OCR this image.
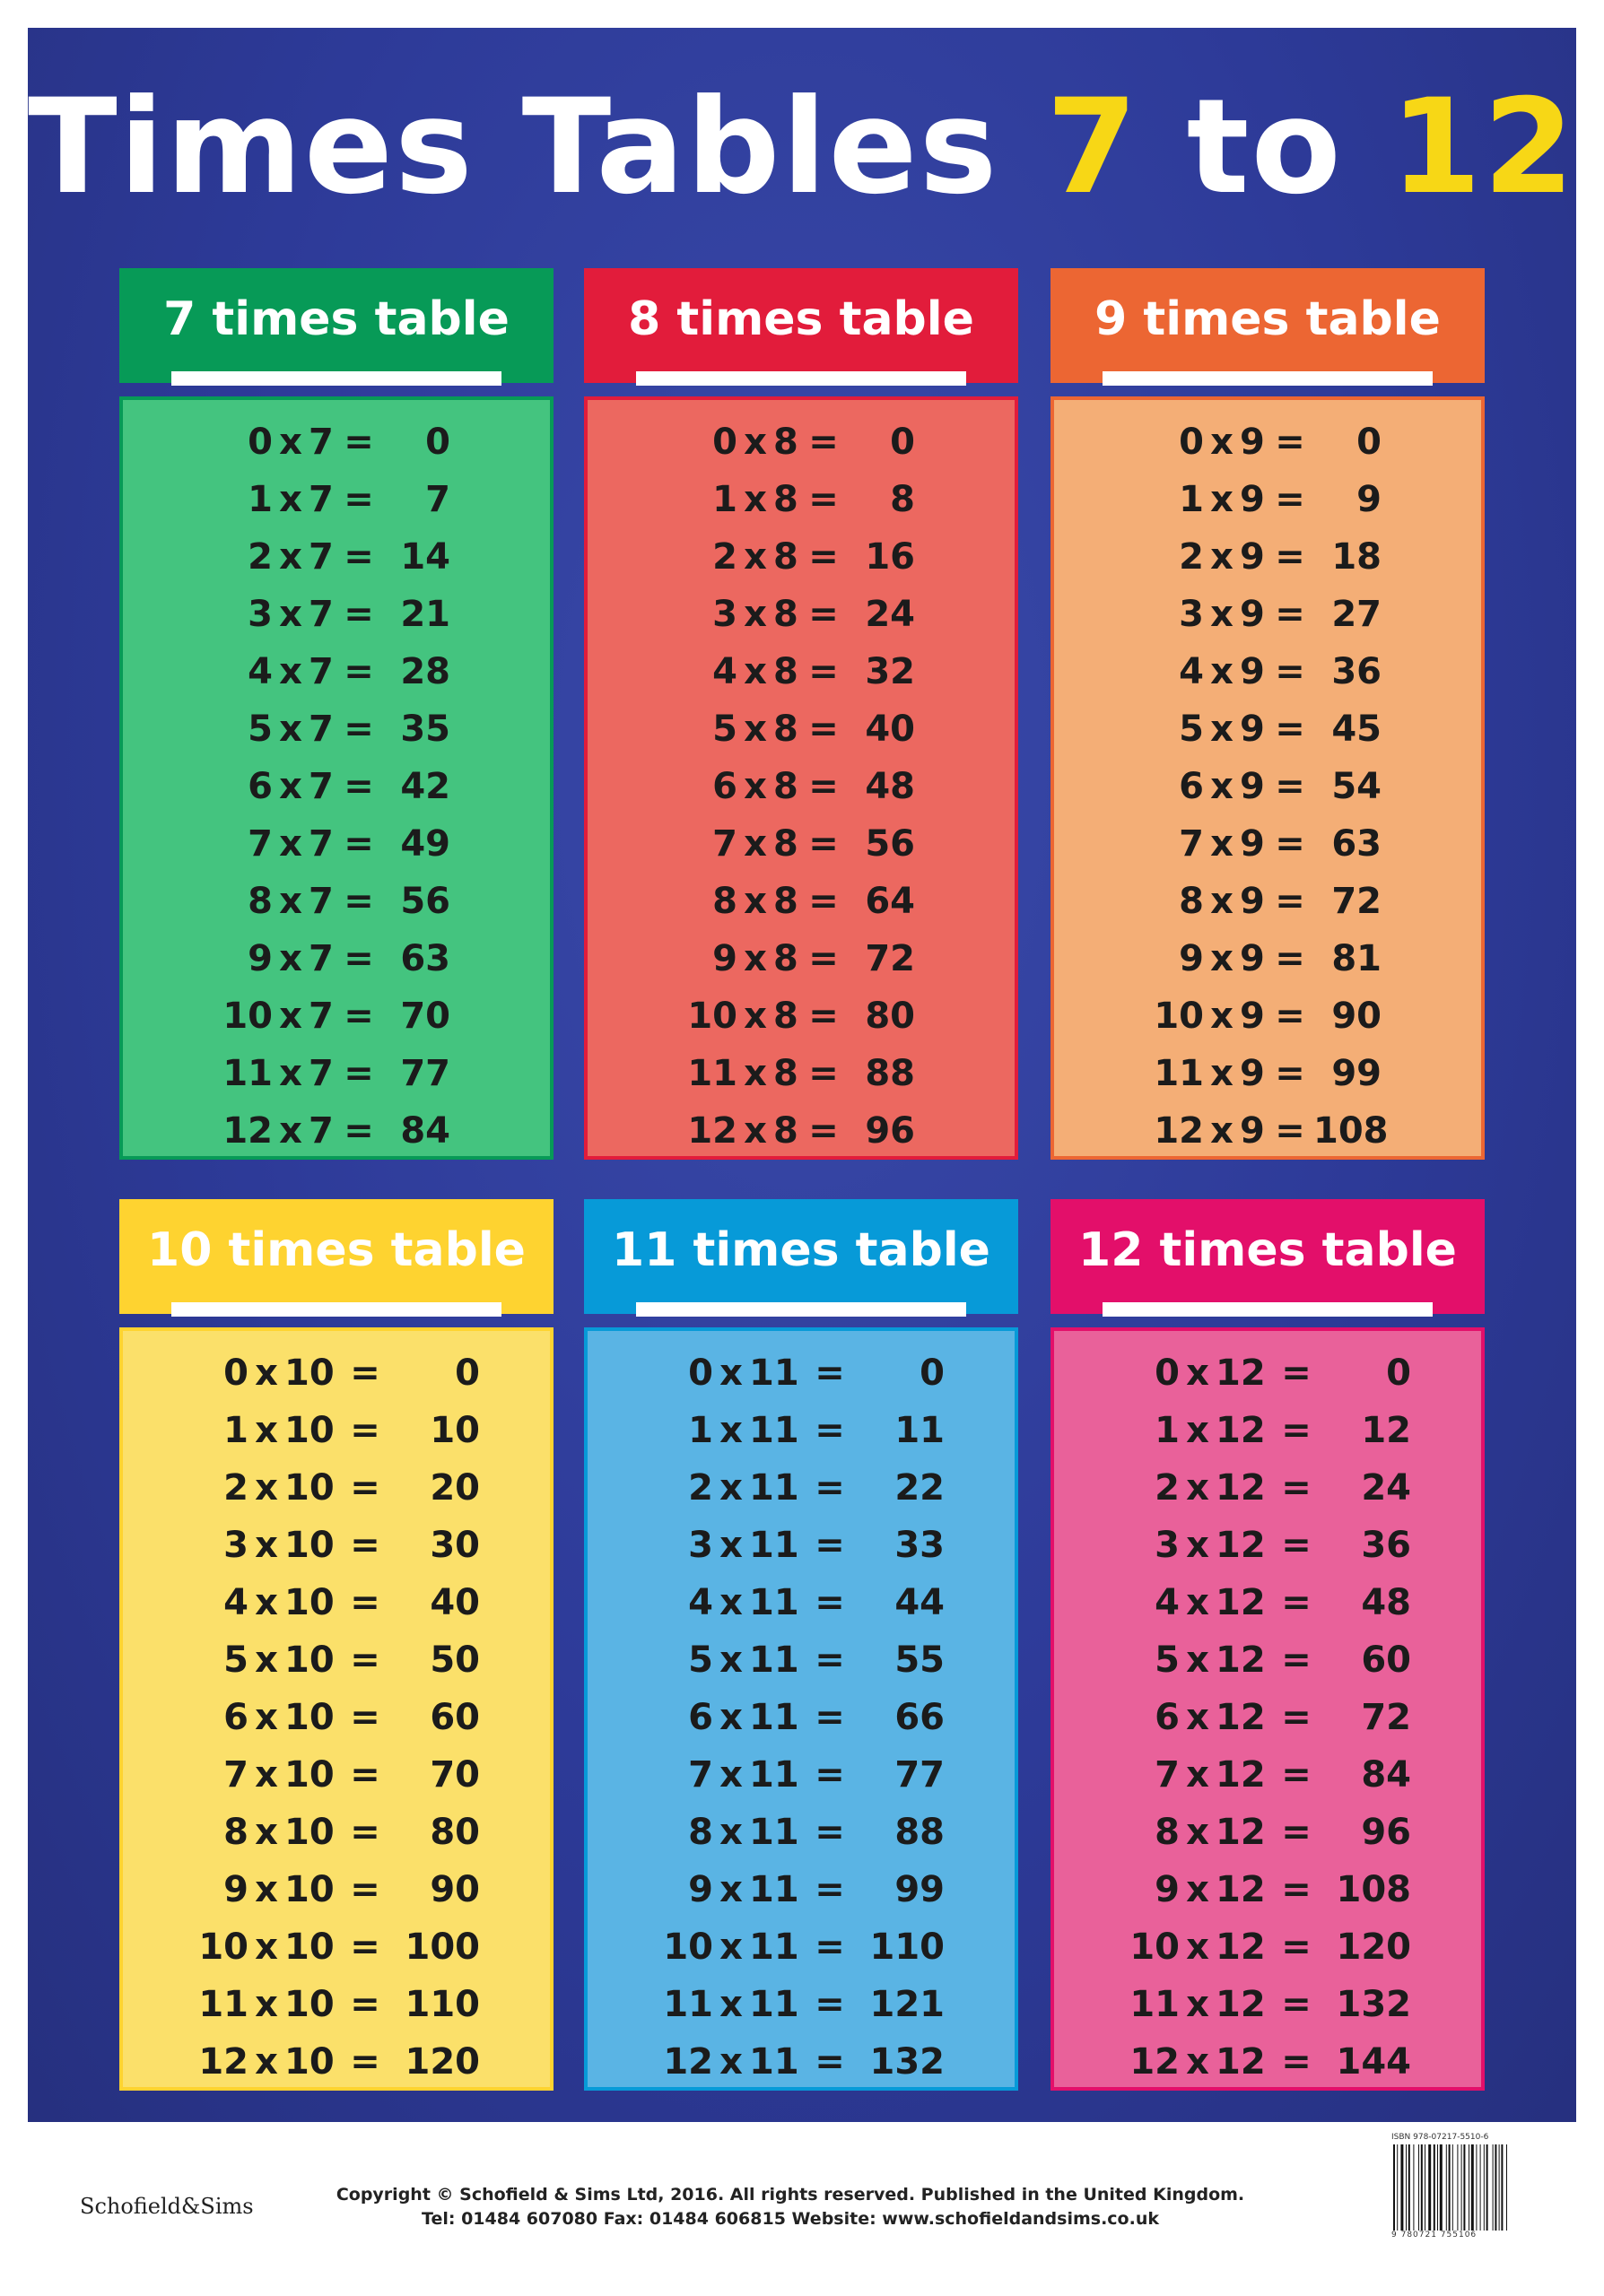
Times Tables 7 to 12
7 times table
0 x 7 =	0
1 x 7 =	7
2 x 7 = 14
3 x 7 = 21
4 x 7 = 28
5 x 7 = 35
6 x 7 = 42
7 x 7 = 49
8 x 7 = 56
9 x 7 = 63
10 x 7 = 70
11 x 7 = 77
12 x 7 = 84
8 times table
0 x 8 =	0
1 x 8 =	8
2 x 8 = 16
3 x 8 = 24
4 x 8 = 32
5 x 8 = 40
6 x 8 = 48
7 x 8 = 56
8 x 8 = 64
9 x 8 = 72
10 x 8 = 80
11 x 8 = 88
12 x 8 = 96
9 times table
0 x 9 =	0
1 x 9 =	9
2 x 9 = 18
3 x 9 = 27
4 x 9 = 36
5 x 9 = 45
6 x 9 = 54
7 x 9 = 63
8 x 9 = 72
9 x 9 = 81
10 x 9 = 90
11 x 9 = 99
12 x 9 = 108
10 times table
0 x 10 =	0
1 x 10 =	10
2 x 10 =	20
3 x 10 =	30
4 x 10 =	40
5 x 10 =	50
6 x 10 =	60
7 x 10 =	70
8 x 10 =	80
9 x 10 =	90
10 x 10 = 100
11 x 10 = 110
12 x 10 = 120
11 times table
0 x 11 =	0
1 x 11 =	11
2 x 11 =	22
3 x 11 =	33
4 x 11 =	44
5 x 11 =	55
6 x 11 =	66
7 x 11 =	77
8 x 11 =	88
9 x 11 =	99
10 x 11 = 110
11 x 11 = 121
12 x 11 = 132
12 times table
0 x 12 =	0
1 x 12 =	12
2 x 12 =	24
3 x 12 =	36
4 x 12 =	48
5 x 12 =	60
6 x 12 =	72
7 x 12 =	84
8 x 12 =	96
9 x 12 = 108
10 x 12 = 120
11 x 12 = 132
12 x 12 = 144
Schofield&Sims	Copyright © Schofield & Sims Ltd, 2016. All rights reserved. Published in the United Kingdom.
Tel: 01484 607080 Fax: 01484 606815 Website: www.schofieldandsims.co.uk
ISBN 978-07217-5510-6
9 780721 755106
